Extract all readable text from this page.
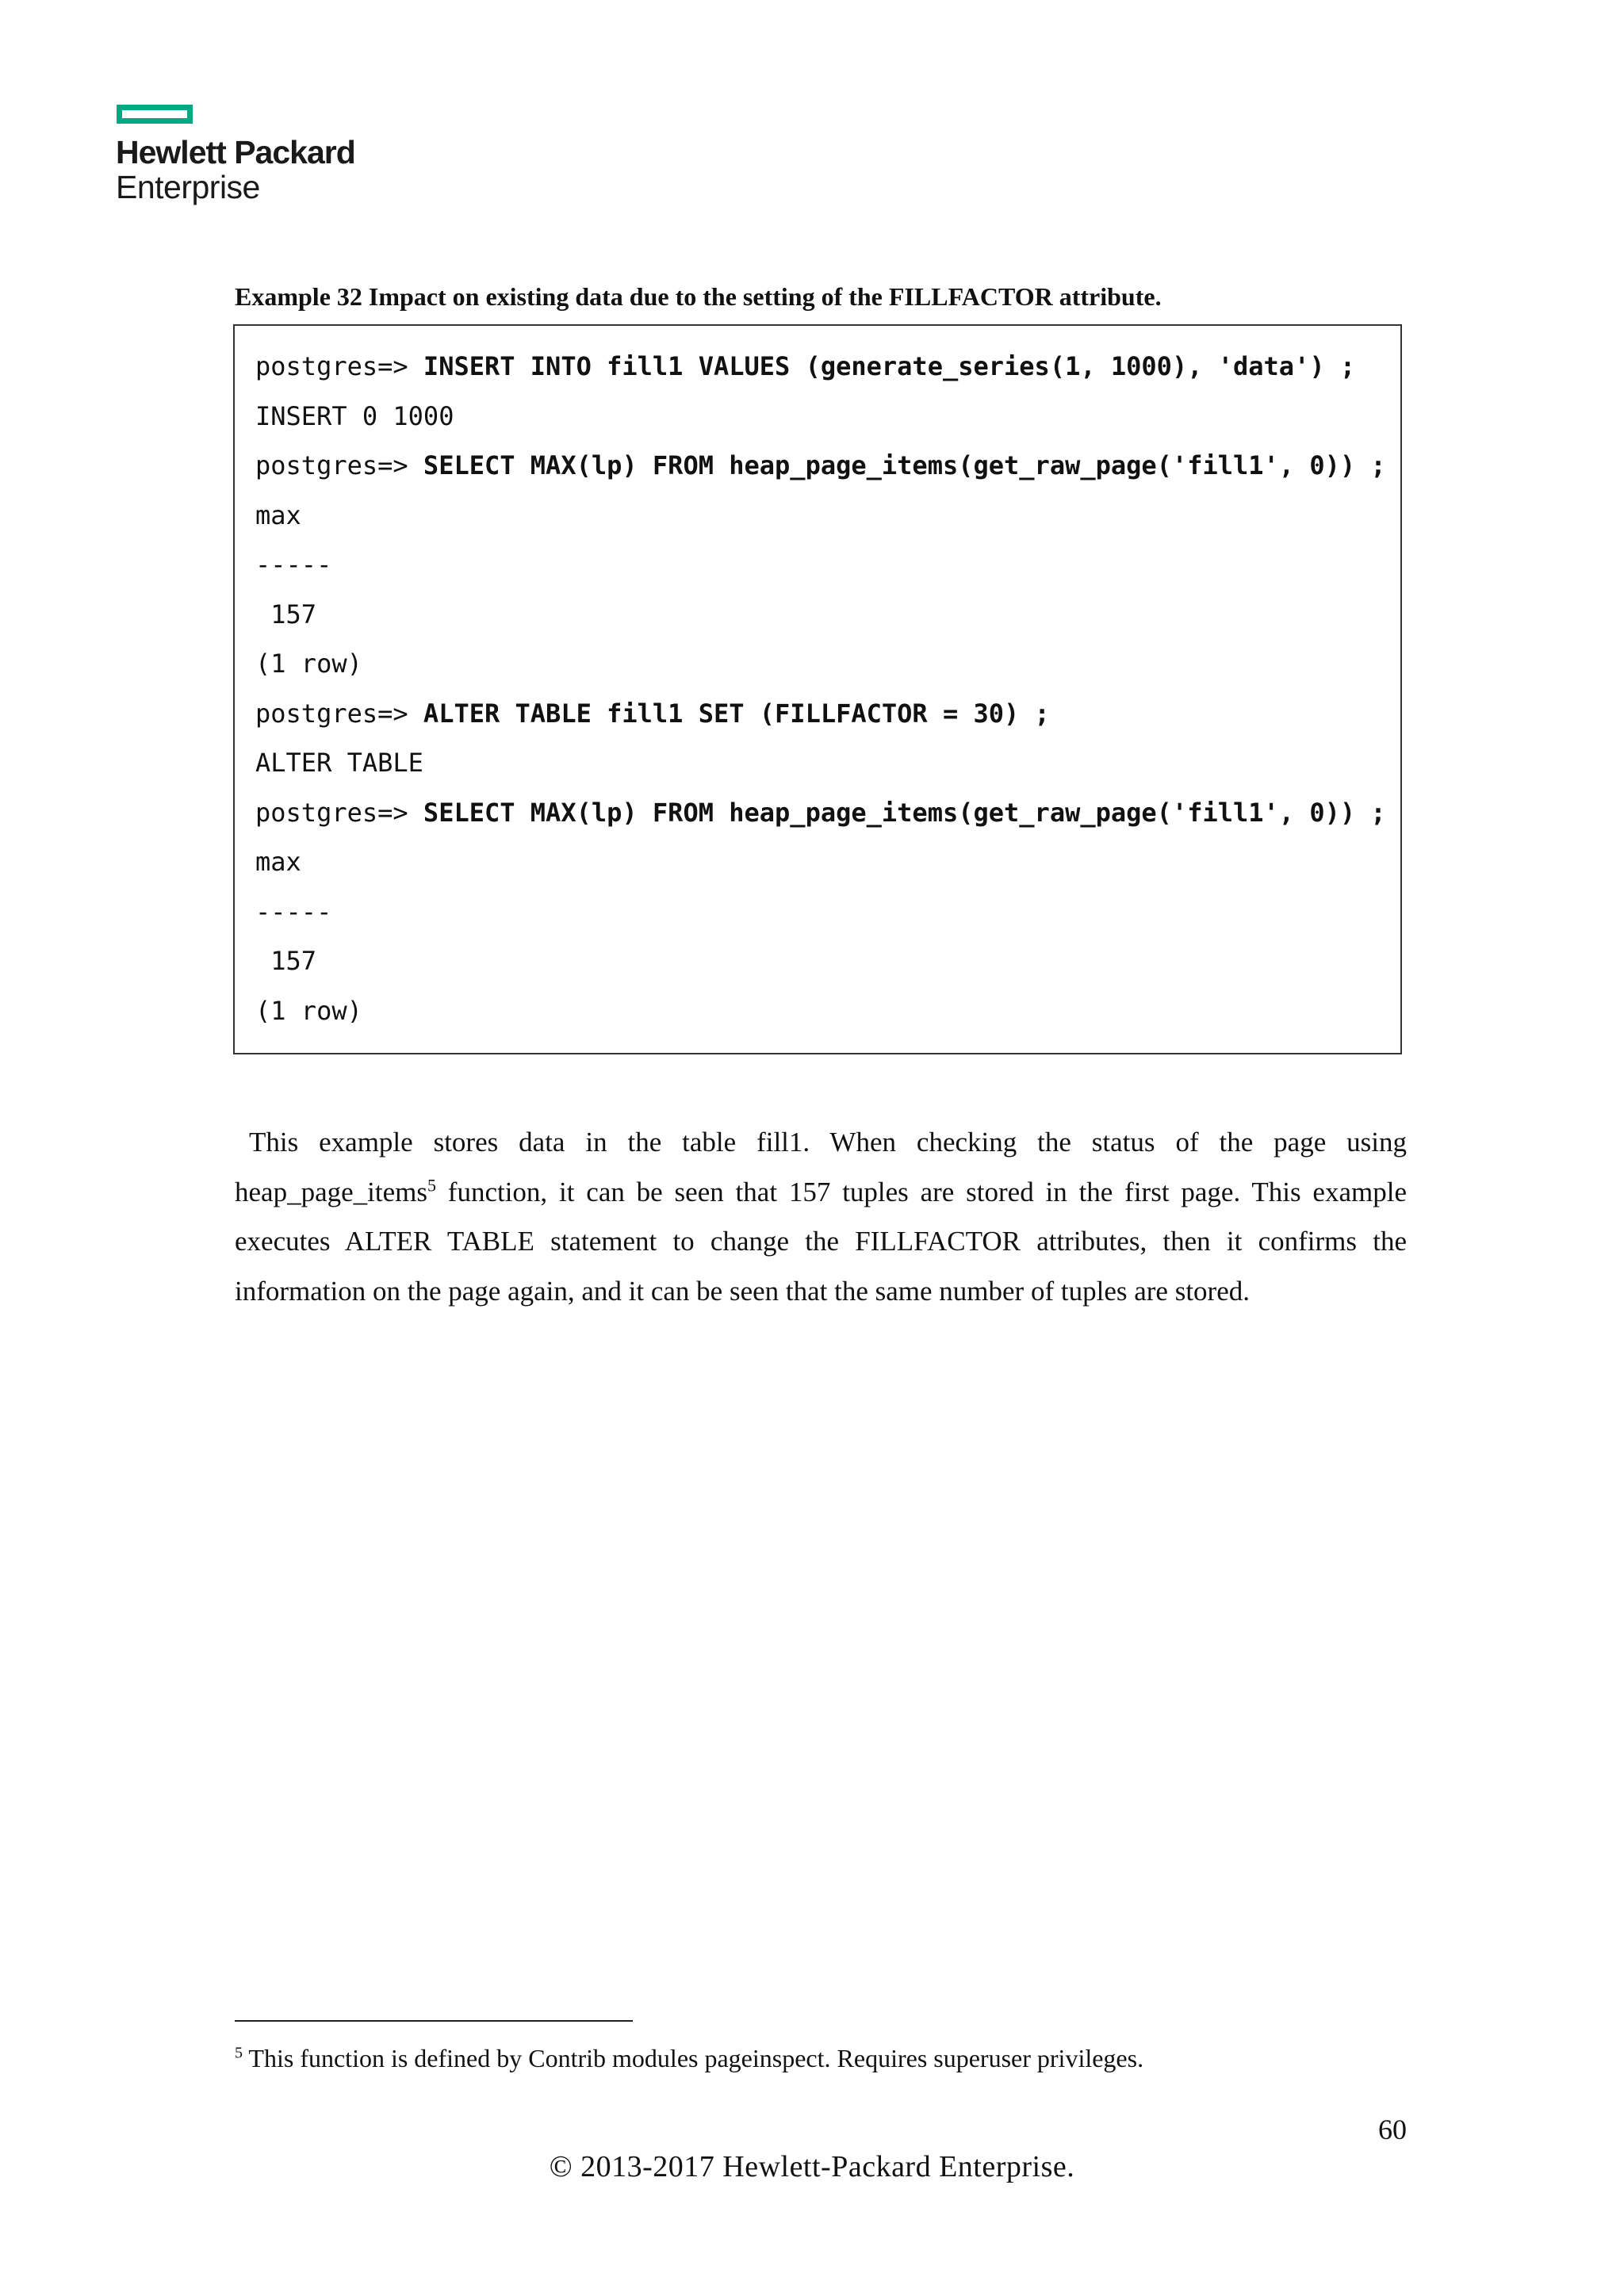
Hewlett Packard
Enterprise
Example 32 Impact on existing data due to the setting of the FILLFACTOR attribute.
postgres=> INSERT INTO fill1 VALUES (generate_series(1, 1000), 'data') ;
INSERT 0 1000
postgres=> SELECT MAX(lp) FROM heap_page_items(get_raw_page('fill1', 0)) ;
max
-----
157
(1 row)
postgres=> ALTER TABLE fill1 SET (FILLFACTOR = 30) ;
ALTER TABLE
postgres=> SELECT MAX(lp) FROM heap_page_items(get_raw_page('fill1', 0)) ;
max
-----
157
(1 row)
This example stores data in the table fill1. When checking the status of the page using heap_page_items$^5$ function, it can be seen that 157 tuples are stored in the first page. This example executes ALTER TABLE statement to change the FILLFACTOR attributes, then it confirms the information on the page again, and it can be seen that the same number of tuples are stored.
$^5$ This function is defined by Contrib modules pageinspect. Requires superuser privileges.
60
© 2013-2017 Hewlett-Packard Enterprise.
